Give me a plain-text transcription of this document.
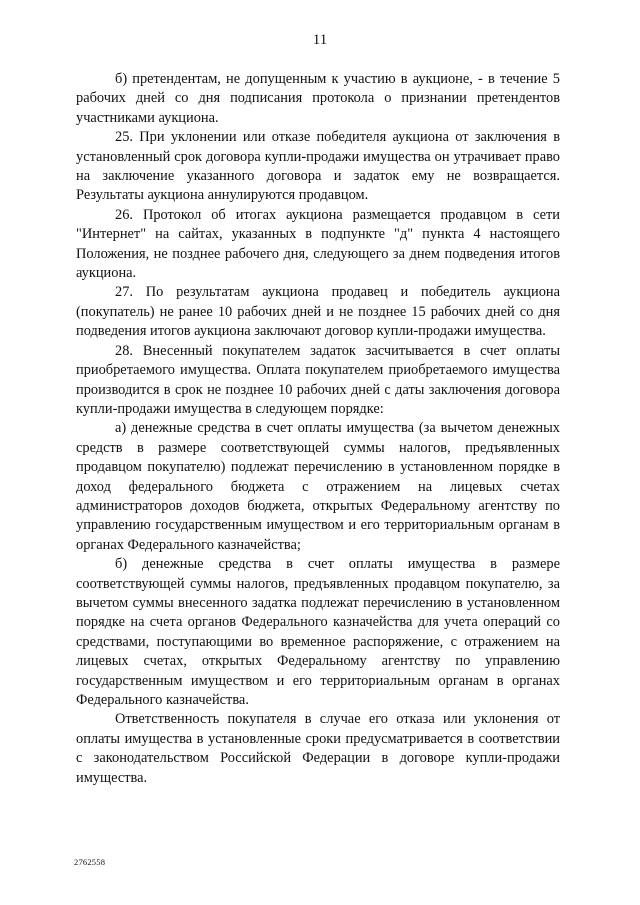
11

б) претендентам, не допущенным к участию в аукционе, - в течение 5 рабочих дней со дня подписания протокола о признании претендентов участниками аукциона.

25. При уклонении или отказе победителя аукциона от заключения в установленный срок договора купли-продажи имущества он утрачивает право на заключение указанного договора и задаток ему не возвращается. Результаты аукциона аннулируются продавцом.

26. Протокол об итогах аукциона размещается продавцом в сети "Интернет" на сайтах, указанных в подпункте "д" пункта 4 настоящего Положения, не позднее рабочего дня, следующего за днем подведения итогов аукциона.

27. По результатам аукциона продавец и победитель аукциона (покупатель) не ранее 10 рабочих дней и не позднее 15 рабочих дней со дня подведения итогов аукциона заключают договор купли-продажи имущества.

28. Внесенный покупателем задаток засчитывается в счет оплаты приобретаемого имущества. Оплата покупателем приобретаемого имущества производится в срок не позднее 10 рабочих дней с даты заключения договора купли-продажи имущества в следующем порядке:

а) денежные средства в счет оплаты имущества (за вычетом денежных средств в размере соответствующей суммы налогов, предъявленных продавцом покупателю) подлежат перечислению в установленном порядке в доход федерального бюджета с отражением на лицевых счетах администраторов доходов бюджета, открытых Федеральному агентству по управлению государственным имуществом и его территориальным органам в органах Федерального казначейства;

б) денежные средства в счет оплаты имущества в размере соответствующей суммы налогов, предъявленных продавцом покупателю, за вычетом суммы внесенного задатка подлежат перечислению в установленном порядке на счета органов Федерального казначейства для учета операций со средствами, поступающими во временное распоряжение, с отражением на лицевых счетах, открытых Федеральному агентству по управлению государственным имуществом и его территориальным органам в органах Федерального казначейства.

Ответственность покупателя в случае его отказа или уклонения от оплаты имущества в установленные сроки предусматривается в соответствии с законодательством Российской Федерации в договоре купли-продажи имущества.

2762558
